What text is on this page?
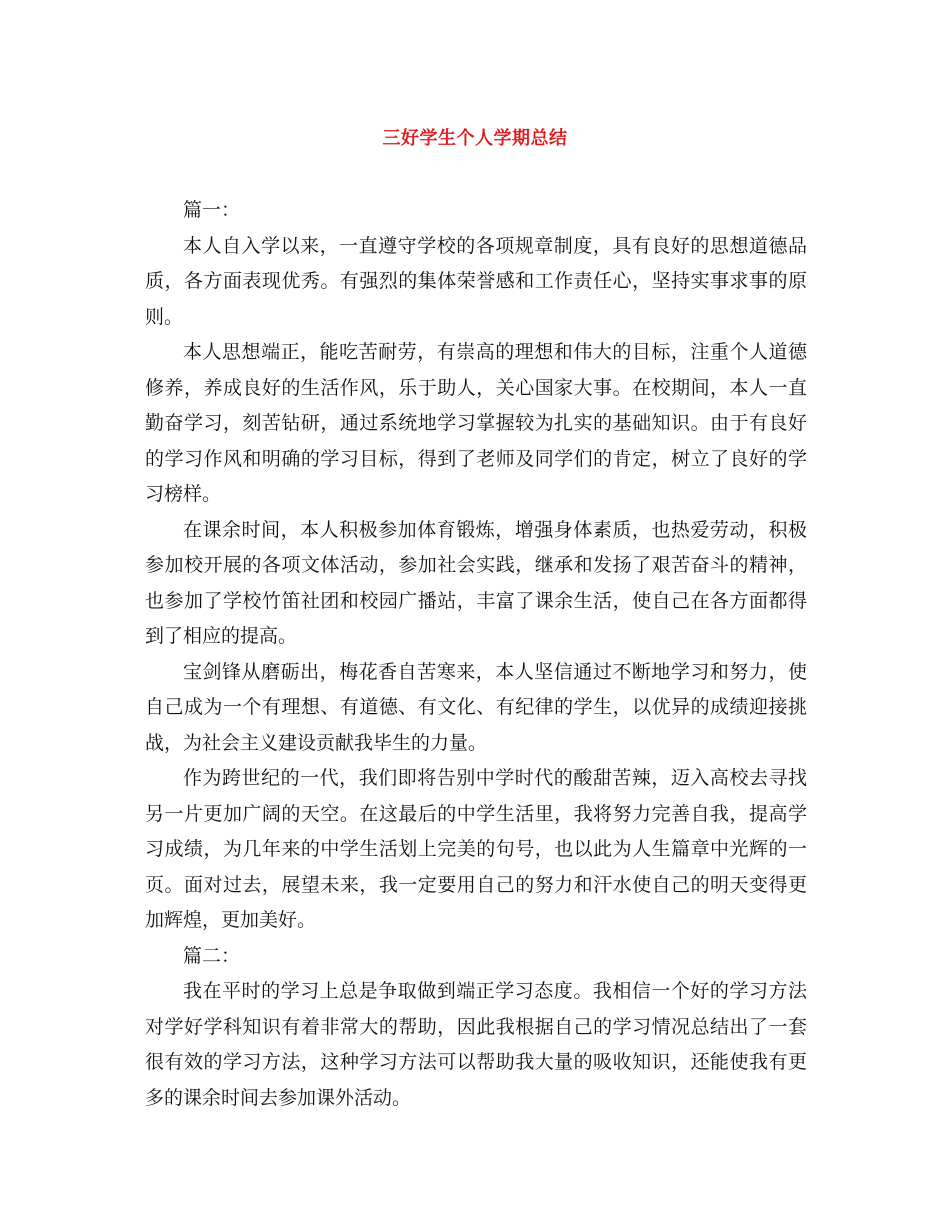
三好学生个人学期总结

篇一：

本人自入学以来，一直遵守学校的各项规章制度，具有良好的思想道德品质，各方面表现优秀。有强烈的集体荣誉感和工作责任心，坚持实事求事的原则。

本人思想端正，能吃苦耐劳，有崇高的理想和伟大的目标，注重个人道德修养，养成良好的生活作风，乐于助人，关心国家大事。在校期间，本人一直勤奋学习，刻苦钻研，通过系统地学习掌握较为扎实的基础知识。由于有良好的学习作风和明确的学习目标，得到了老师及同学们的肯定，树立了良好的学习榜样。

在课余时间，本人积极参加体育锻炼，增强身体素质，也热爱劳动，积极参加校开展的各项文体活动，参加社会实践，继承和发扬了艰苦奋斗的精神，也参加了学校竹笛社团和校园广播站，丰富了课余生活，使自己在各方面都得到了相应的提高。

宝剑锋从磨砺出，梅花香自苦寒来，本人坚信通过不断地学习和努力，使自己成为一个有理想、有道德、有文化、有纪律的学生，以优异的成绩迎接挑战，为社会主义建设贡献我毕生的力量。

作为跨世纪的一代，我们即将告别中学时代的酸甜苦辣，迈入高校去寻找另一片更加广阔的天空。在这最后的中学生活里，我将努力完善自我，提高学习成绩，为几年来的中学生活划上完美的句号，也以此为人生篇章中光辉的一页。面对过去，展望未来，我一定要用自己的努力和汗水使自己的明天变得更加辉煌，更加美好。

篇二：

我在平时的学习上总是争取做到端正学习态度。我相信一个好的学习方法对学好学科知识有着非常大的帮助，因此我根据自己的学习情况总结出了一套很有效的学习方法，这种学习方法可以帮助我大量的吸收知识，还能使我有更多的课余时间去参加课外活动。
